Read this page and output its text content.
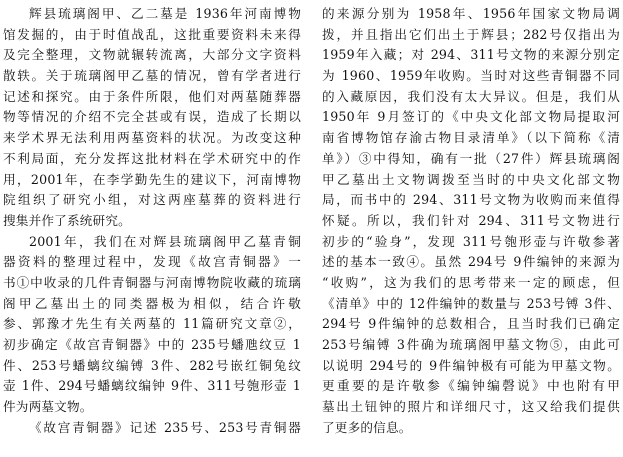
辉县琉璃阁甲、乙二墓是 1936年河南博物
馆发掘的，由于时值战乱，这批重要资料未来得
及完全整理，文物就辗转流离，大部分文字资料
散轶。关于琉璃阁甲乙墓的情况，曾有学者进行
记述和探究。由于条件所限，他们对两墓随葬器
物等情况的介绍不完全甚或有误，造成了长期以
来学术界无法利用两墓资料的状况。为改变这种
不利局面，充分发挥这批材料在学术研究中的作
用，2001年，在李学勤先生的建议下，河南博物
院组织了研究小组，对这两座墓葬的资料进行
搜集并作了系统研究。
2001年，我们在对辉县琉璃阁甲乙墓青铜
器资料的整理过程中，发现《故宫青铜器》一
书①中收录的几件青铜器与河南博物院收藏的琉璃
阁甲乙墓出土的同类器极为相似，结合许敬
参、郭豫才先生有关两墓的 11篇研究文章②，
初步确定《故宫青铜器》中的 235号蟠虺纹豆 1
件、253号蟠螭纹编镈 3件、282号嵌红铜兔纹
壶 1件、294号蟠螭纹编钟 9件、311号匏形壶 1
件为两墓文物。
《故宫青铜器》记述 235号、253号青铜器
的来源分别为 1958年、1956年国家文物局调
拨，并且指出它们出土于辉县；282号仅指出为
1959年入藏；对 294、311号文物的来源分别定
为 1960、1959年收购。当时对这些青铜器不同
的入藏原因，我们没有太大异议。但是，我们从
1950年 9月签订的《中央文化部文物局提取河
南省博物馆存渝古物目录清单》（以下简称《清
单》）③中得知，确有一批（27件）辉县琉璃阁
甲乙墓出土文物调拨至当时的中央文化部文物
局，而书中的 294、311号文物为收购而来值得
怀疑。所以，我们针对 294、311号文物进行
初步的“验身”，发现 311号匏形壶与许敬参著
述的基本一致④。虽然 294号 9件编钟的来源为
“收购”，这为我们的思考带来一定的顾虑，但
《清单》中的 12件编钟的数量与 253号镈 3件、
294号 9件编钟的总数相合，且当时我们已确定
253号编镈 3件确为琉璃阁甲墓文物⑤，由此可
以说明 294号的 9件编钟极有可能为甲墓文物。
更重要的是许敬参《编钟编磬说》中也附有甲
墓出土钮钟的照片和详细尺寸，这又给我们提供
了更多的信息。
